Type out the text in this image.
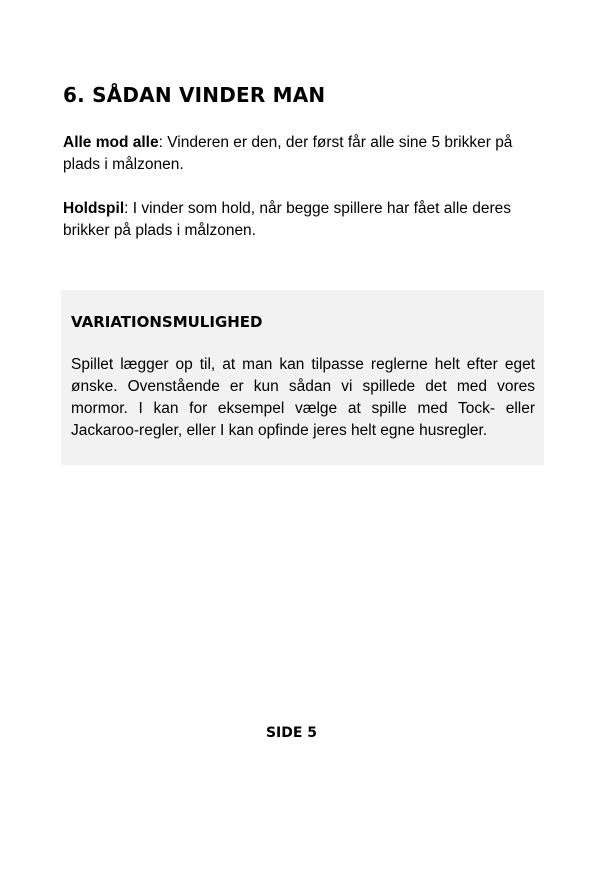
6. SÅDAN VINDER MAN

Alle mod alle: Vinderen er den, der først får alle sine 5 brikker på plads i målzonen.

Holdspil: I vinder som hold, når begge spillere har fået alle deres brikker på plads i målzonen.

VARIATIONSMULIGHED

Spillet lægger op til, at man kan tilpasse reglerne helt efter eget ønske. Ovenstående er kun sådan vi spillede det med vores mormor. I kan for eksempel vælge at spille med Tock- eller Jackaroo-regler, eller I kan opfinde jeres helt egne husregler.

SIDE 5
